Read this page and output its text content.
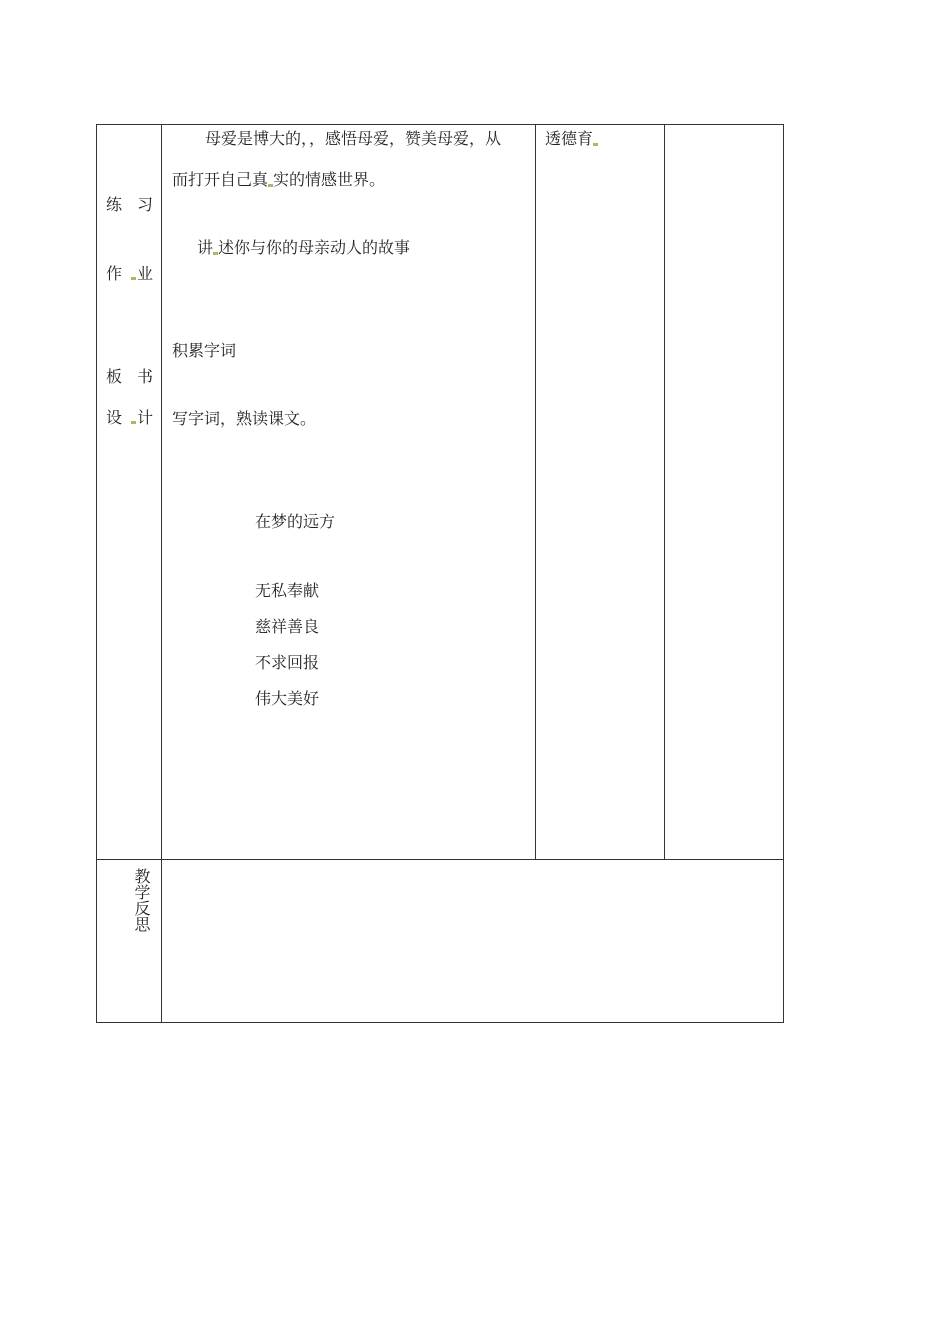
练 习
作 业
板 书
设 计
母爱是博大的，，感悟母爱，赞美母爱，从
而打开自己真 实的情感世界。
讲 述你与你的母亲动人的故事
积累字词
写字词，熟读课文。
在梦的远方
无私奉献
慈祥善良
不求回报
伟大美好
透德育
教学反思
